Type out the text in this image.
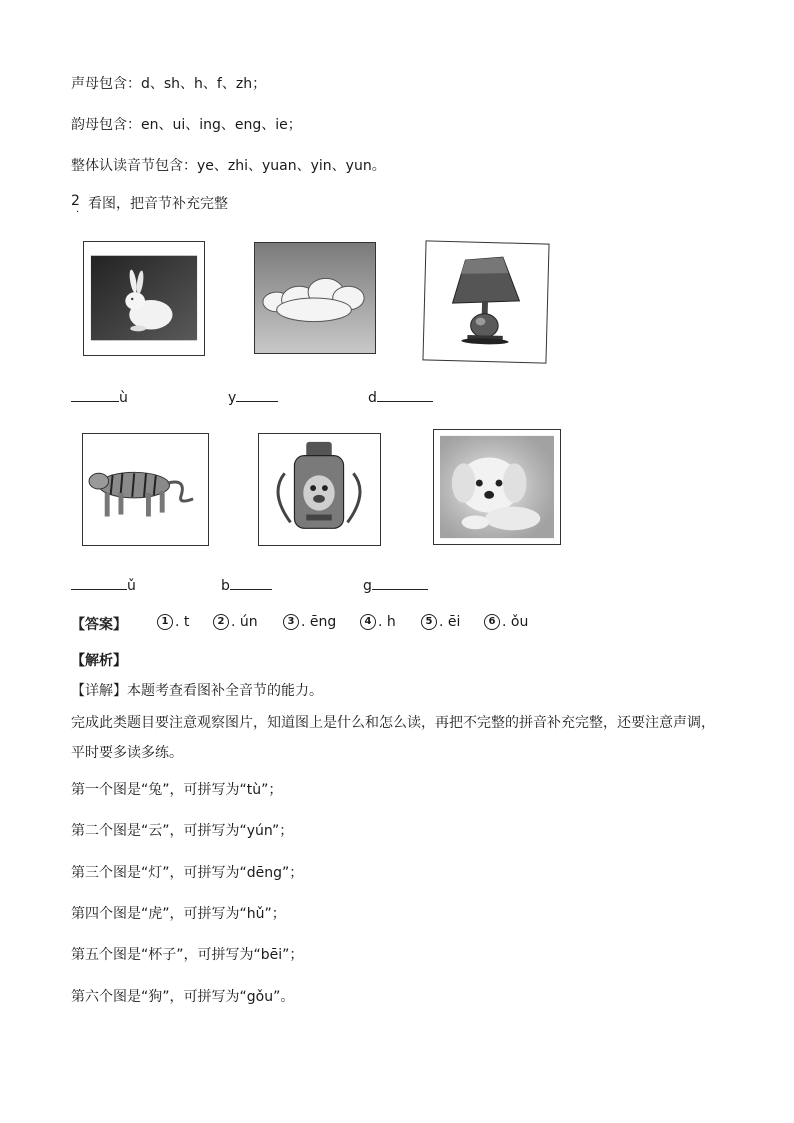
声母包含：d、sh、h、f、zh；
韵母包含：en、ui、ing、eng、ie；
整体认读音节包含：ye、zhi、yuan、yin、yun。
2
·
看图，把音节补充完整
ù	y	d
ǔ	b	g
【答案】	1 . t	2 . ún	3 . ēng	4 . h	5 . ēi	6 . ǒu
【解析】
【详解】本题考查看图补全音节的能力。
完成此类题目要注意观察图片，知道图上是什么和怎么读，再把不完整的拼音补充完整，还要注意声调，
平时要多读多练。
第一个图是“兔”，可拼写为“tù”；
第二个图是“云”，可拼写为“yún”；
第三个图是“灯”，可拼写为“dēng”；
第四个图是“虎”，可拼写为“hǔ”；
第五个图是“杯子”，可拼写为“bēi”；
第六个图是“狗”，可拼写为“gǒu”。
